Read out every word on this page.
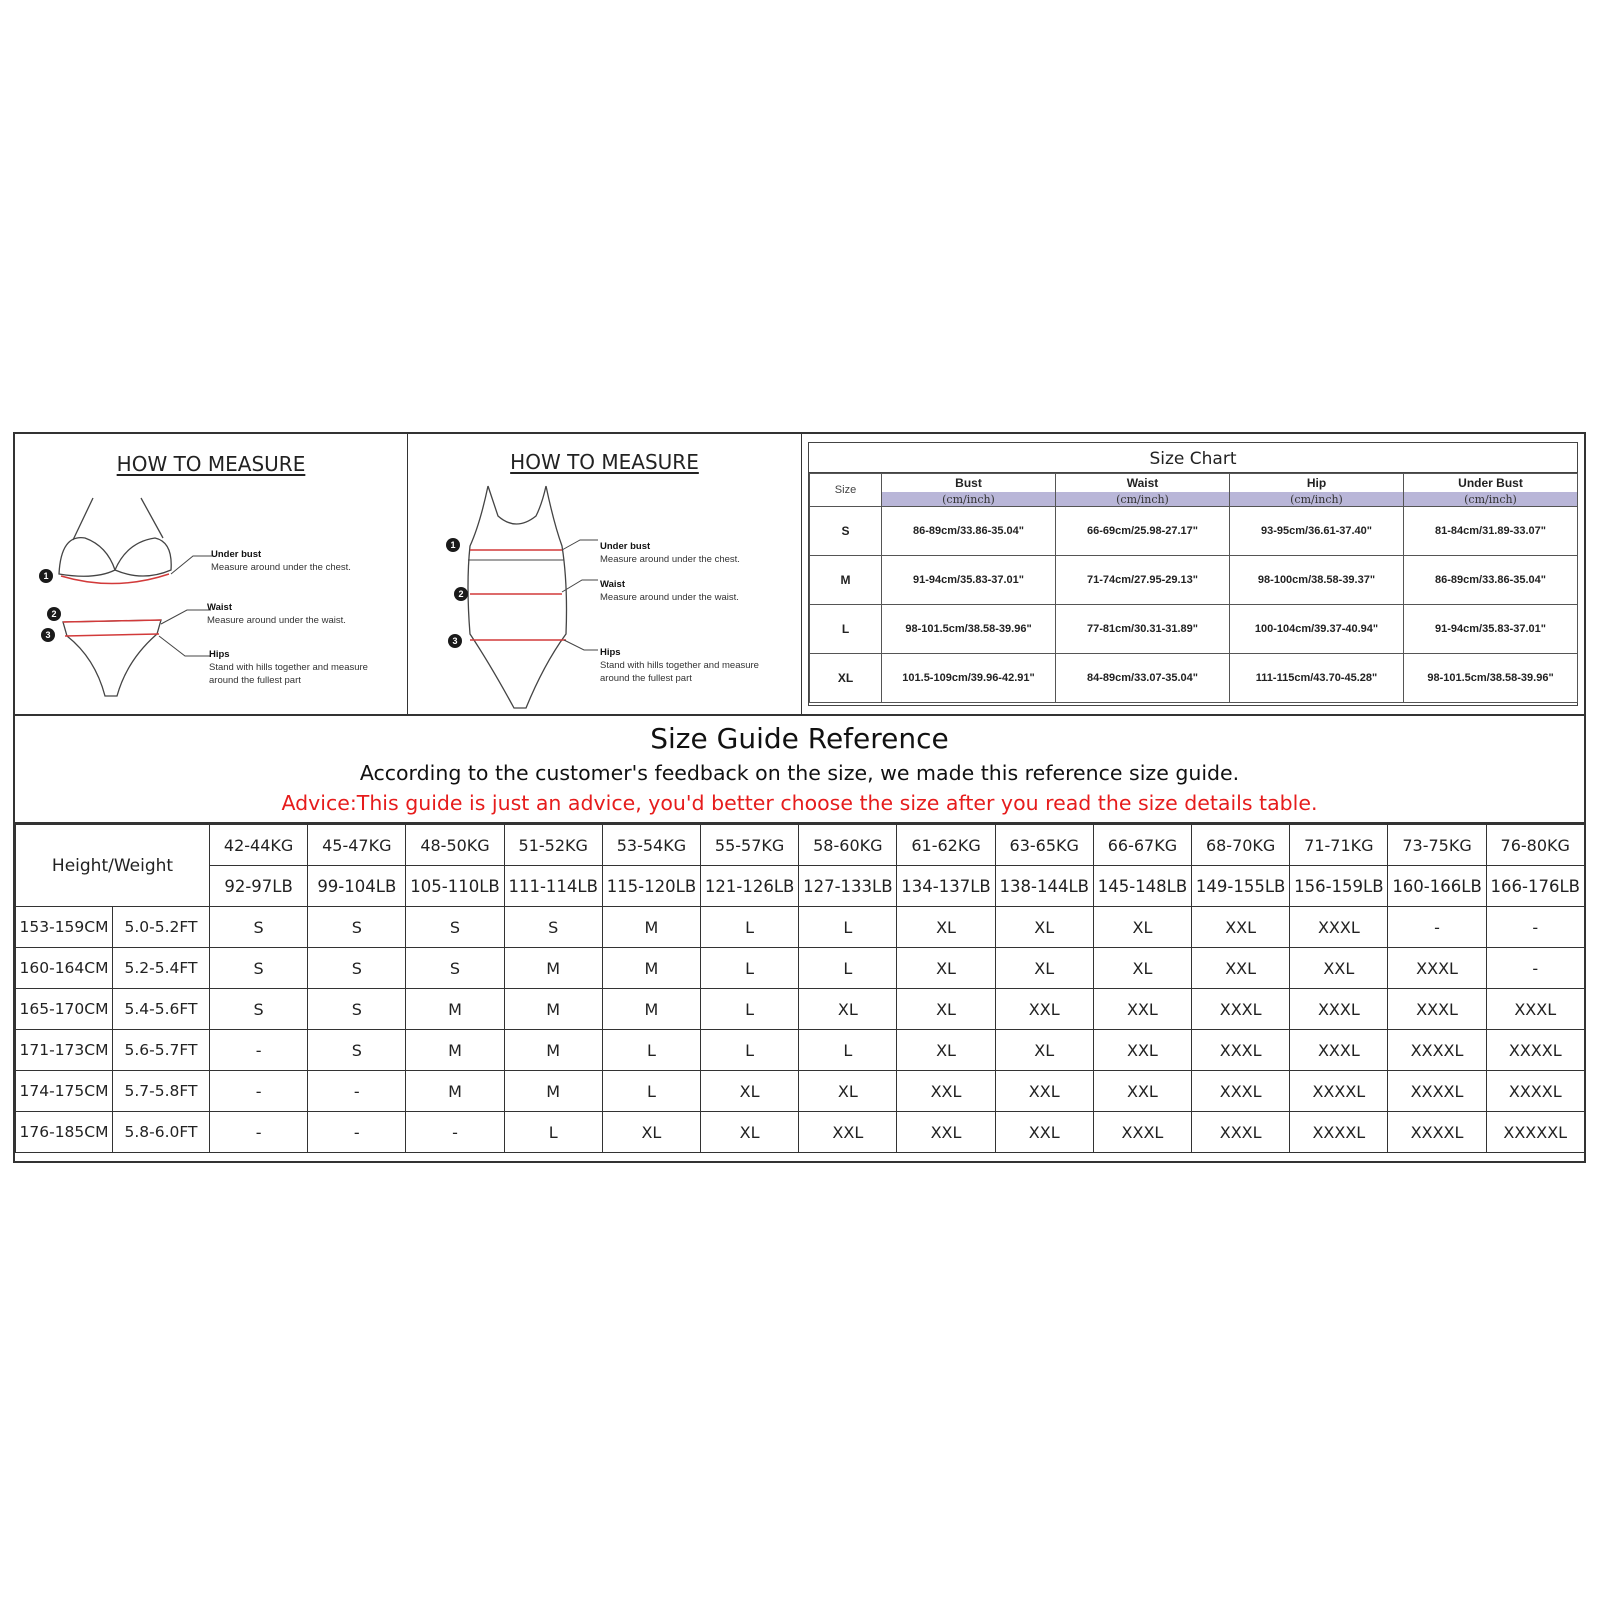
HOW TO MEASURE
1
2
3
Under bust
Measure around under the chest.
Waist
Measure around under the waist.
Hips
Stand with hills together and measure
around the fullest part
HOW TO MEASURE
1
2
3
Under bust
Measure around under the chest.
Waist
Measure around under the waist.
Hips
Stand with hills together and measure
around the fullest part
Size Chart
Size	Bust	Waist	Hip	Under Bust
	(cm/inch)	(cm/inch)	(cm/inch)	(cm/inch)
S	86-89cm/33.86-35.04"	66-69cm/25.98-27.17"	93-95cm/36.61-37.40"	81-84cm/31.89-33.07"
M	91-94cm/35.83-37.01"	71-74cm/27.95-29.13"	98-100cm/38.58-39.37"	86-89cm/33.86-35.04"
L	98-101.5cm/38.58-39.96"	77-81cm/30.31-31.89"	100-104cm/39.37-40.94"	91-94cm/35.83-37.01"
XL	101.5-109cm/39.96-42.91"	84-89cm/33.07-35.04"	111-115cm/43.70-45.28"	98-101.5cm/38.58-39.96"
Size Guide Reference
According to the customer's feedback on the size, we made this reference size guide.
Advice:This guide is just an advice, you'd better choose the size after you read the size details table.
Height/Weight		42-44KG	45-47KG	48-50KG	51-52KG	53-54KG	55-57KG	58-60KG	61-62KG	63-65KG	66-67KG	68-70KG	71-71KG	73-75KG	76-80KG
		92-97LB	99-104LB	105-110LB	111-114LB	115-120LB	121-126LB	127-133LB	134-137LB	138-144LB	145-148LB	149-155LB	156-159LB	160-166LB	166-176LB
153-159CM	5.0-5.2FT	S	S	S	S	M	L	L	XL	XL	XL	XXL	XXXL	-	-
160-164CM	5.2-5.4FT	S	S	S	M	M	L	L	XL	XL	XL	XXL	XXL	XXXL	-
165-170CM	5.4-5.6FT	S	S	M	M	M	L	XL	XL	XXL	XXL	XXXL	XXXL	XXXL	XXXL
171-173CM	5.6-5.7FT	-	S	M	M	L	L	L	XL	XL	XXL	XXXL	XXXL	XXXXL	XXXXL
174-175CM	5.7-5.8FT	-	-	M	M	L	XL	XL	XXL	XXL	XXL	XXXL	XXXXL	XXXXL	XXXXL
176-185CM	5.8-6.0FT	-	-	-	L	XL	XL	XXL	XXL	XXL	XXXL	XXXL	XXXXL	XXXXL	XXXXXL
